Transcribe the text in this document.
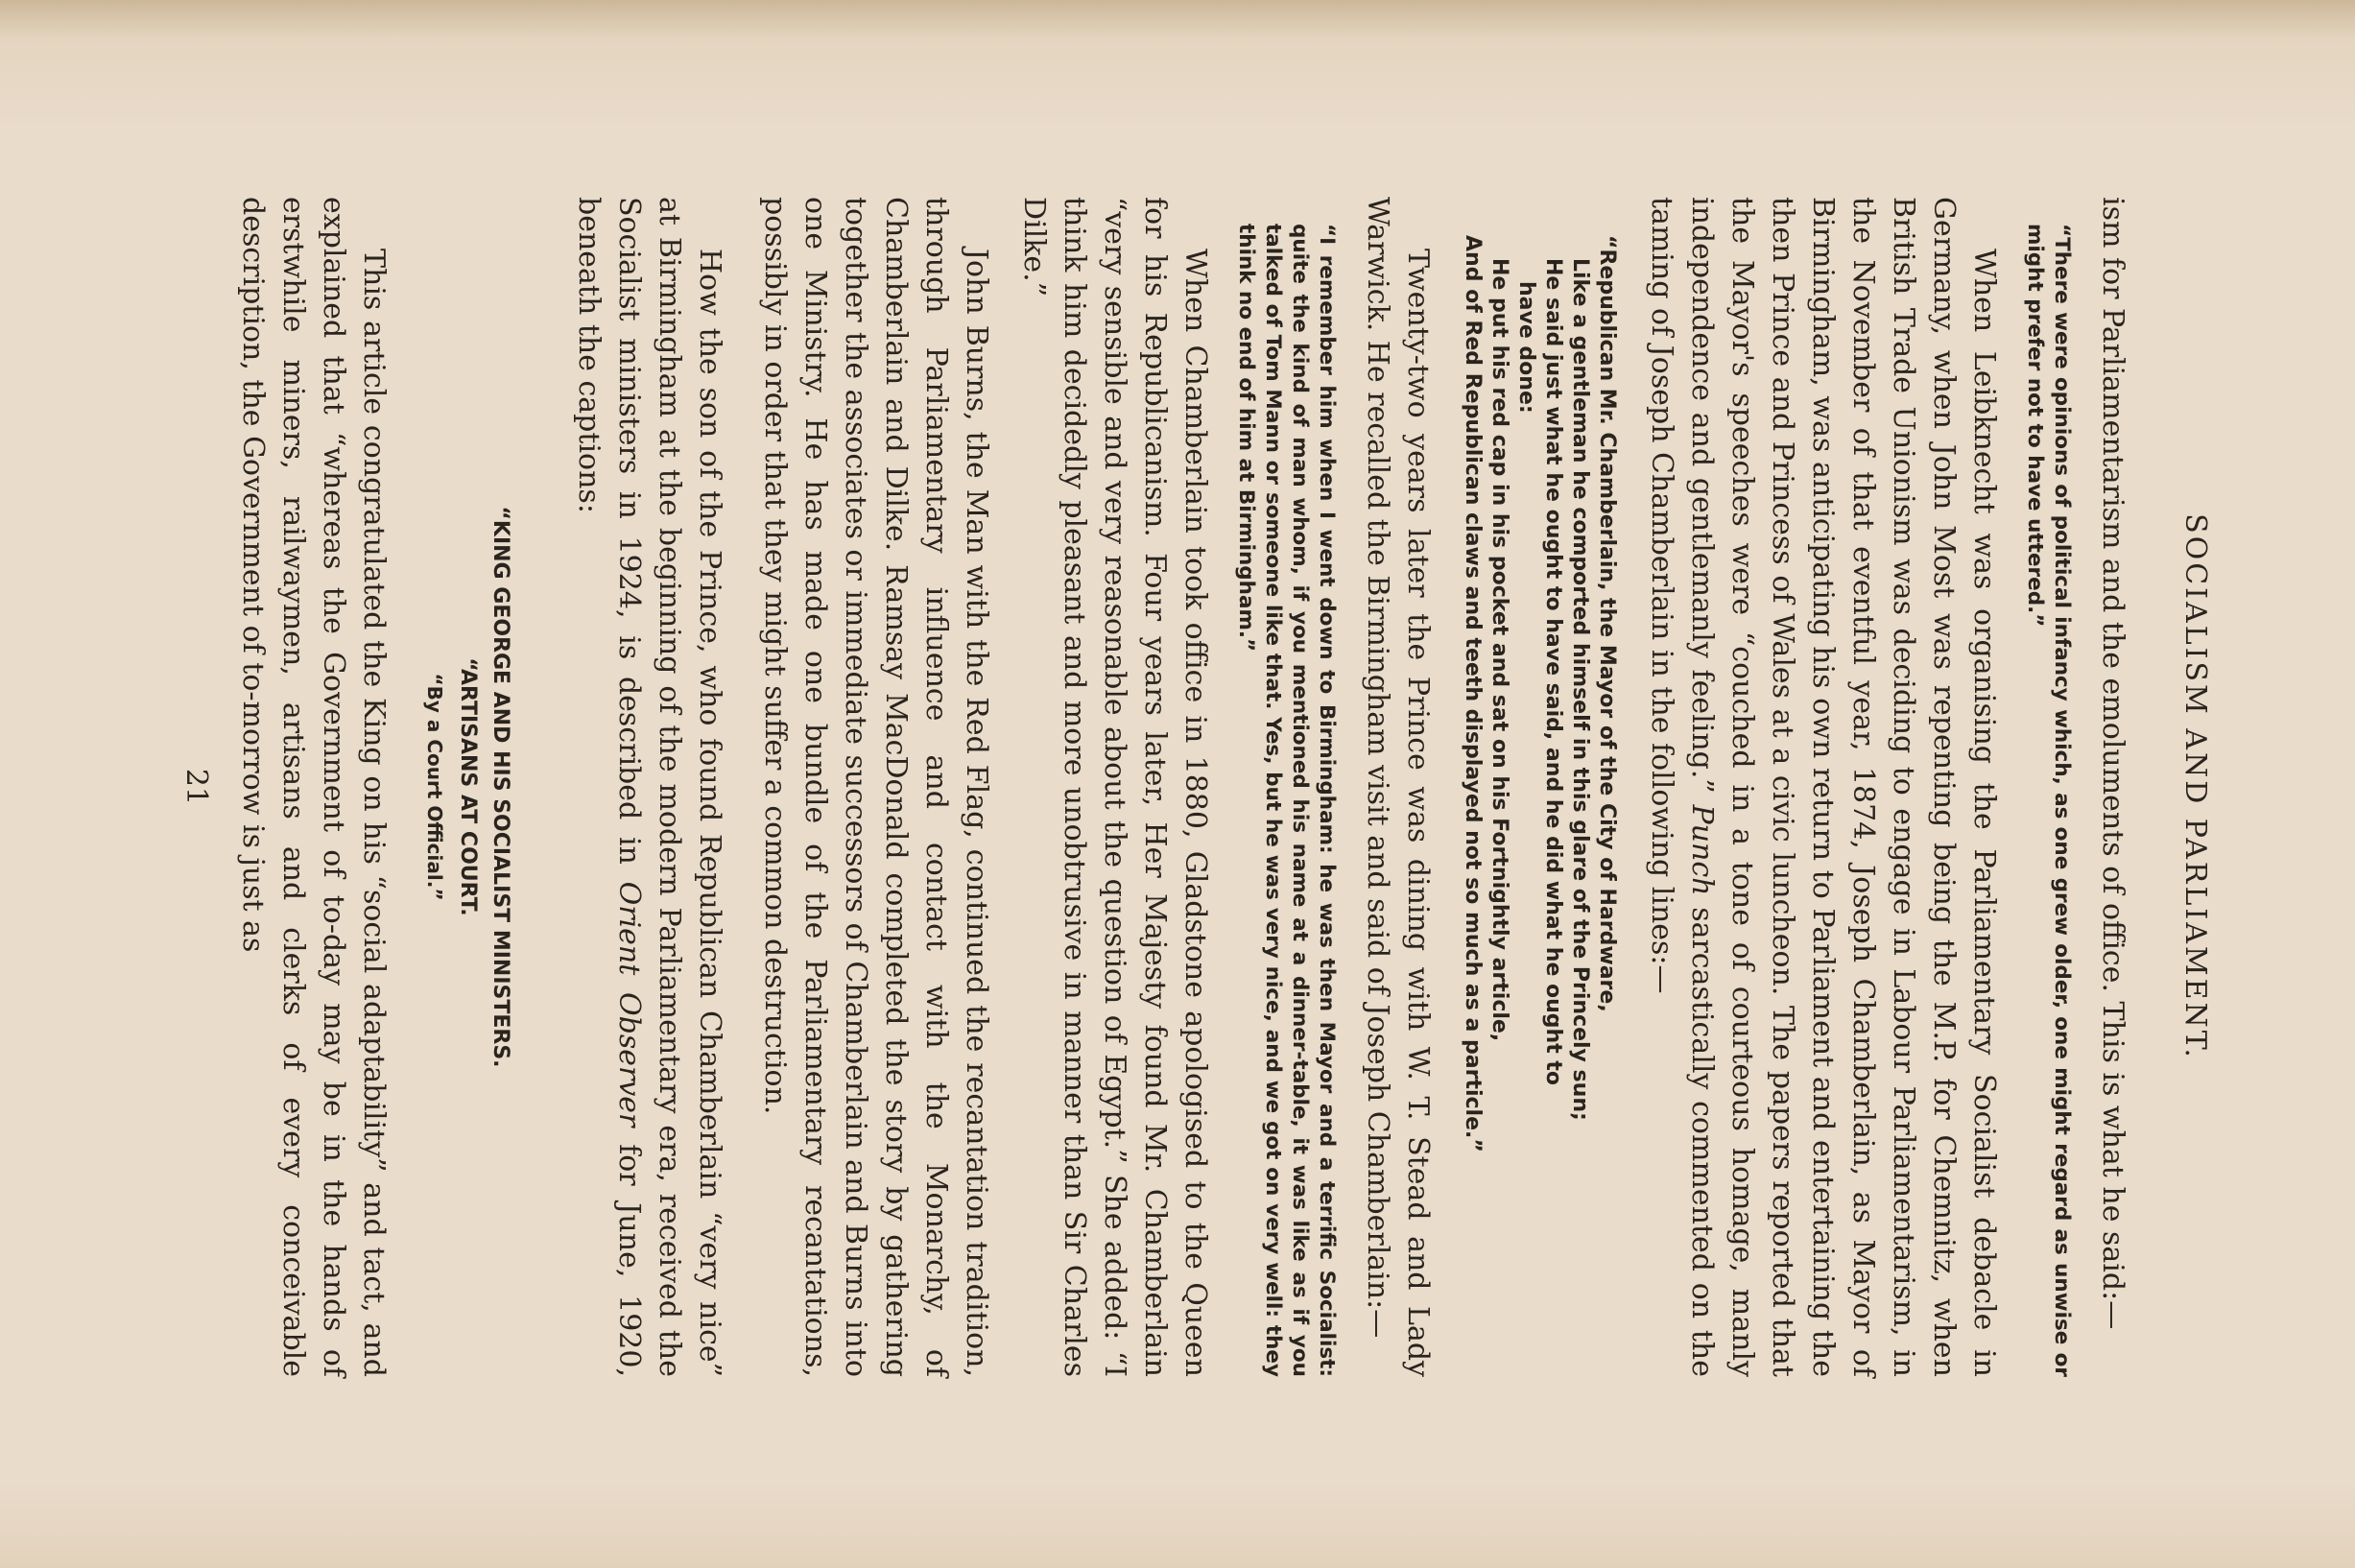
SOCIALISM AND PARLIAMENT.

ism for Parliamentarism and the emoluments of office. This is what he said:—

“There were opinions of political infancy which, as one grew older, one might regard as unwise or might prefer not to have uttered.”

When Leibknecht was organising the Parliamentary Socialist debacle in Germany, when John Most was repenting being the M.P. for Chemnitz, when British Trade Unionism was deciding to engage in Labour Parliamentarism, in the November of that eventful year, 1874, Joseph Chamberlain, as Mayor of Birmingham, was anticipating his own return to Parliament and entertaining the then Prince and Princess of Wales at a civic luncheon. The papers reported that the Mayor's speeches were “couched in a tone of courteous homage, manly independence and gentlemanly feeling.” Punch sarcastically commented on the taming of Joseph Chamberlain in the following lines:—

“Republican Mr. Chamberlain, the Mayor of the City of Hardware,
Like a gentleman he comported himself in this glare of the Princely sun;
He said just what he ought to have said, and he did what he ought to
have done:
He put his red cap in his pocket and sat on his Fortnightly article,
And of Red Republican claws and teeth displayed not so much as a particle.”

Twenty-two years later the Prince was dining with W. T. Stead and Lady Warwick. He recalled the Birmingham visit and said of Joseph Chamberlain:—

“I remember him when I went down to Birmingham: he was then Mayor and a terrific Socialist: quite the kind of man whom, if you mentioned his name at a dinner-table, it was like as if you talked of Tom Mann or someone like that. Yes, but he was very nice, and we got on very well: they think no end of him at Birmingham.”

When Chamberlain took office in 1880, Gladstone apologised to the Queen for his Republicanism. Four years later, Her Majesty found Mr. Chamberlain “very sensible and very reasonable about the question of Egypt.” She added: “I think him decidedly pleasant and more unobtrusive in manner than Sir Charles Dilke.”

John Burns, the Man with the Red Flag, continued the recantation tradition, through Parliamentary influence and contact with the Monarchy, of Chamberlain and Dilke. Ramsay MacDonald completed the story by gathering together the associates or immediate successors of Chamberlain and Burns into one Ministry. He has made one bundle of the Parliamentary recantations, possibly in order that they might suffer a common destruction.

How the son of the Prince, who found Republican Chamberlain “very nice” at Birmingham at the beginning of the modern Parliamentary era, received the Socialist ministers in 1924, is described in Orient Observer for June, 1920, beneath the captions:

“KING GEORGE AND HIS SOCIALIST MINISTERS.
“ARTISANS AT COURT.
“By a Court Official.”

This article congratulated the King on his “social adaptability” and tact, and explained that “whereas the Government of to-day may be in the hands of erstwhile miners, railwaymen, artisans and clerks of every conceivable description, the Government of to-morrow is just as

21
